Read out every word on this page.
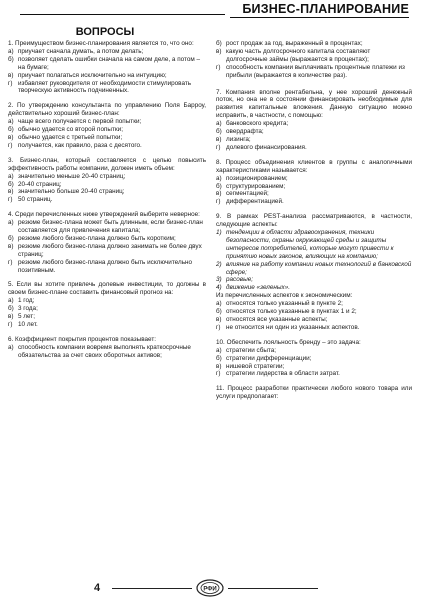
БИЗНЕС-ПЛАНИРОВАНИЕ
ВОПРОСЫ
1. Преимуществом бизнес-планирования является то, что оно:
а) приучает сначала думать, а потом делать;
б) позволяет сделать ошибки сначала на самом деле, а потом – на бумаге;
в) приучает полагаться исключительно на интуицию;
г) избавляет руководителя от необходимости стимулировать творческую активность подчиненных.
2. По утверждению консультанта по управлению Поля Барроу, действительно хороший бизнес-план:
а) чаще всего получается с первой попытки;
б) обычно удается со второй попытки;
в) обычно удается с третьей попытки;
г) получается, как правило, раза с десятого.
3. Бизнес-план, который составляется с целью повысить эффективность работы компании, должен иметь объем:
а) значительно меньше 20-40 страниц;
б) 20-40 страниц;
в) значительно больше 20-40 страниц;
г) 50 страниц.
4. Среди перечисленных ниже утверждений выберите неверное:
а) резюме бизнес-плана может быть длинным, если бизнес-план составляется для привлечения капитала;
б) резюме любого бизнес-плана должно быть коротким;
в) резюме любого бизнес-плана должно занимать не более двух страниц;
г) резюме любого бизнес-плана должно быть исключительно позитивным.
5. Если вы хотите привлечь долевые инвестиции, то должны в своем бизнес-плане составить финансовый прогноз на:
а) 1 год;
б) 3 года;
в) 5 лет;
г) 10 лет.
6. Коэффициент покрытия процентов показывает:
а) способность компании вовремя выполнять краткосрочные обязательства за счет своих оборотных активов;
б) рост продаж за год, выраженный в процентах;
в) какую часть долгосрочного капитала составляют долгосрочные займы (выражается в процентах);
г) способность компании выплачивать процентные платежи из прибыли (выражается в количестве раз).
7. Компания вполне рентабельна, у нее хороший денежный поток, но она не в состоянии финансировать необходимые для развития капитальные вложения. Данную ситуацию можно исправить, в частности, с помощью:
а) банковского кредита;
б) овердрафта;
в) лизинга;
г) долевого финансирования.
8. Процесс объединения клиентов в группы с аналогичными характеристиками называется:
а) позиционированием;
б) структурированием;
в) сегментацией;
г) дифферентиацией.
9. В рамках PEST-анализа рассматриваются, в частности, следующие аспекты:
1) тенденции в области здравоохранения, техники безопасности, охраны окружающей среды и защиты интересов потребителей, которые могут привести к принятию новых законов, влияющих на компанию;
2) влияние на работу компании новых технологий в банковской сфере;
3) расовые;
4) движение «зеленых».
Из перечисленных аспектов к экономическим:
а) относятся только указанный в пункте 2;
б) относятся только указанные в пунктах 1 и 2;
в) относятся все указанные аспекты;
г) не относится ни один из указанных аспектов.
10. Обеспечить лояльность бренду – это задача:
а) стратегии сбыта;
б) стратегии дифференциации;
в) нишевой стратегии;
г) стратегии лидерства в области затрат.
11. Процесс разработки практически любого нового товара или услуги предполагает:
4	РФИ
